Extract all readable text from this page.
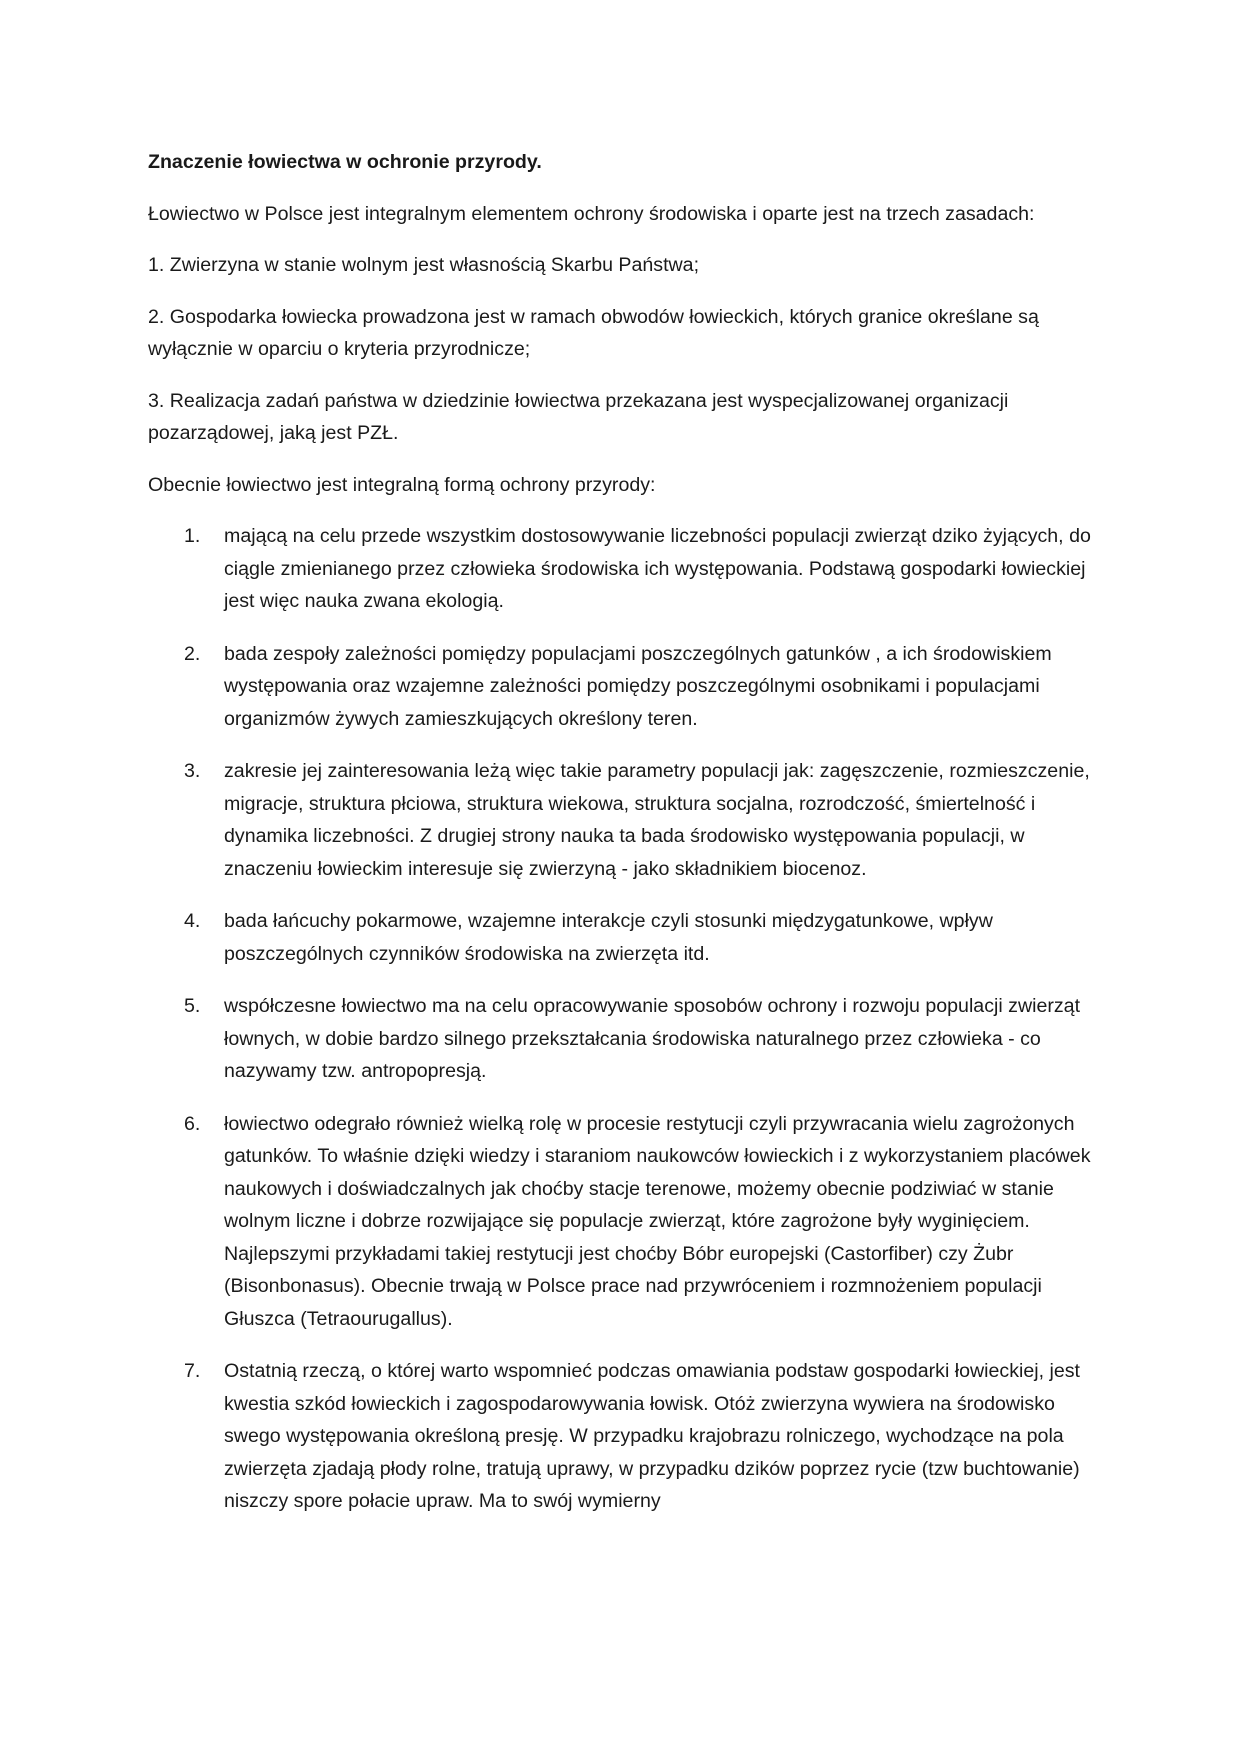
Znaczenie łowiectwa w ochronie przyrody.

Łowiectwo w Polsce jest integralnym elementem ochrony środowiska i oparte jest na trzech zasadach:

1. Zwierzyna w stanie wolnym jest własnością Skarbu Państwa;

2. Gospodarka łowiecka prowadzona jest w ramach obwodów łowieckich, których granice określane są wyłącznie w oparciu o kryteria przyrodnicze;

3. Realizacja zadań państwa w dziedzinie łowiectwa przekazana jest wyspecjalizowanej organizacji pozarządowej, jaką jest PZŁ.

Obecnie łowiectwo jest integralną formą ochrony przyrody:

1. mającą na celu przede wszystkim dostosowywanie liczebności populacji zwierząt dziko żyjących, do ciągle zmienianego przez człowieka środowiska ich występowania. Podstawą gospodarki łowieckiej jest więc nauka zwana ekologią.
2. bada zespoły zależności pomiędzy populacjami poszczególnych gatunków , a ich środowiskiem występowania oraz wzajemne zależności pomiędzy poszczególnymi osobnikami i populacjami organizmów żywych zamieszkujących określony teren.
3. zakresie jej zainteresowania leżą więc takie parametry populacji jak: zagęszczenie, rozmieszczenie, migracje, struktura płciowa, struktura wiekowa, struktura socjalna, rozrodczość, śmiertelność i dynamika liczebności. Z drugiej strony nauka ta bada środowisko występowania populacji, w znaczeniu łowieckim interesuje się zwierzyną - jako składnikiem biocenoz.
4. bada łańcuchy pokarmowe, wzajemne interakcje czyli stosunki międzygatunkowe, wpływ poszczególnych czynników środowiska na zwierzęta itd.
5. współczesne łowiectwo ma na celu opracowywanie sposobów ochrony i rozwoju populacji zwierząt łownych, w dobie bardzo silnego przekształcania środowiska naturalnego przez człowieka - co nazywamy tzw. antropopresją.
6. łowiectwo odegrało również wielką rolę w procesie restytucji czyli przywracania wielu zagrożonych gatunków. To właśnie dzięki wiedzy i staraniom naukowców łowieckich i z wykorzystaniem placówek naukowych i doświadczalnych jak choćby stacje terenowe, możemy obecnie podziwiać w stanie wolnym liczne i dobrze rozwijające się populacje zwierząt, które zagrożone były wyginięciem. Najlepszymi przykładami takiej restytucji jest choćby Bóbr europejski (Castorfiber) czy Żubr (Bisonbonasus). Obecnie trwają w Polsce prace nad przywróceniem i rozmnożeniem populacji Głuszca (Tetraourugallus).
7. Ostatnią rzeczą, o której warto wspomnieć podczas omawiania podstaw gospodarki łowieckiej, jest kwestia szkód łowieckich i zagospodarowywania łowisk. Otóż zwierzyna wywiera na środowisko swego występowania określoną presję. W przypadku krajobrazu rolniczego, wychodzące na pola zwierzęta zjadają płody rolne, tratują uprawy, w przypadku dzików poprzez rycie (tzw buchtowanie) niszczy spore połacie upraw. Ma to swój wymierny
